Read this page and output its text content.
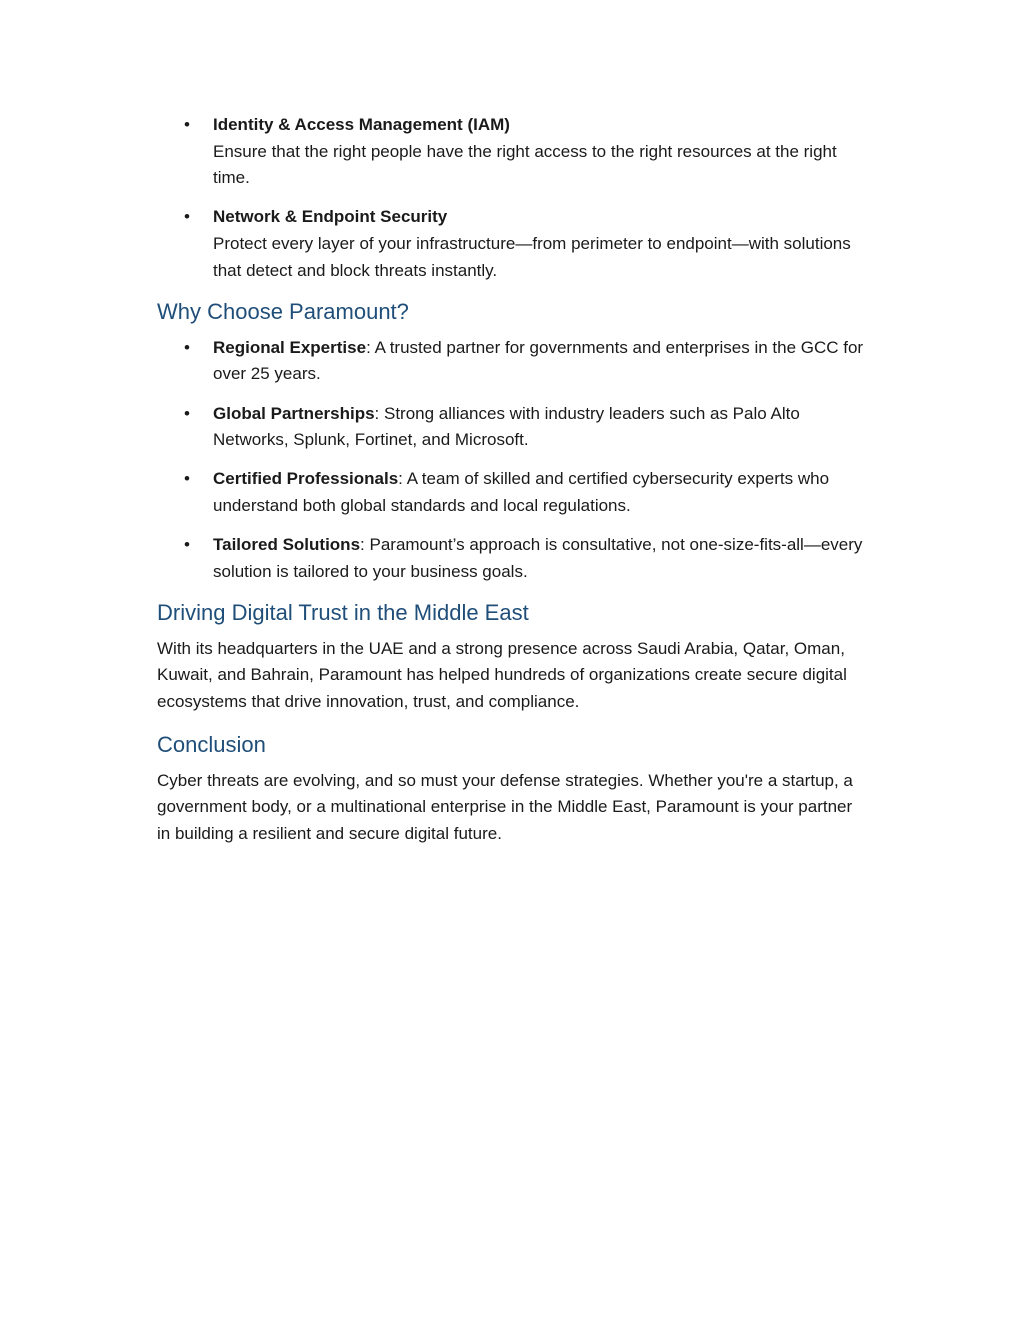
• Identity & Access Management (IAM)
Ensure that the right people have the right access to the right resources at the right time.
• Network & Endpoint Security
Protect every layer of your infrastructure—from perimeter to endpoint—with solutions that detect and block threats instantly.
Why Choose Paramount?
• Regional Expertise: A trusted partner for governments and enterprises in the GCC for over 25 years.
• Global Partnerships: Strong alliances with industry leaders such as Palo Alto Networks, Splunk, Fortinet, and Microsoft.
• Certified Professionals: A team of skilled and certified cybersecurity experts who understand both global standards and local regulations.
• Tailored Solutions: Paramount’s approach is consultative, not one-size-fits-all—every solution is tailored to your business goals.
Driving Digital Trust in the Middle East

With its headquarters in the UAE and a strong presence across Saudi Arabia, Qatar, Oman, Kuwait, and Bahrain, Paramount has helped hundreds of organizations create secure digital ecosystems that drive innovation, trust, and compliance.

Conclusion

Cyber threats are evolving, and so must your defense strategies. Whether you're a startup, a government body, or a multinational enterprise in the Middle East, Paramount is your partner in building a resilient and secure digital future.
